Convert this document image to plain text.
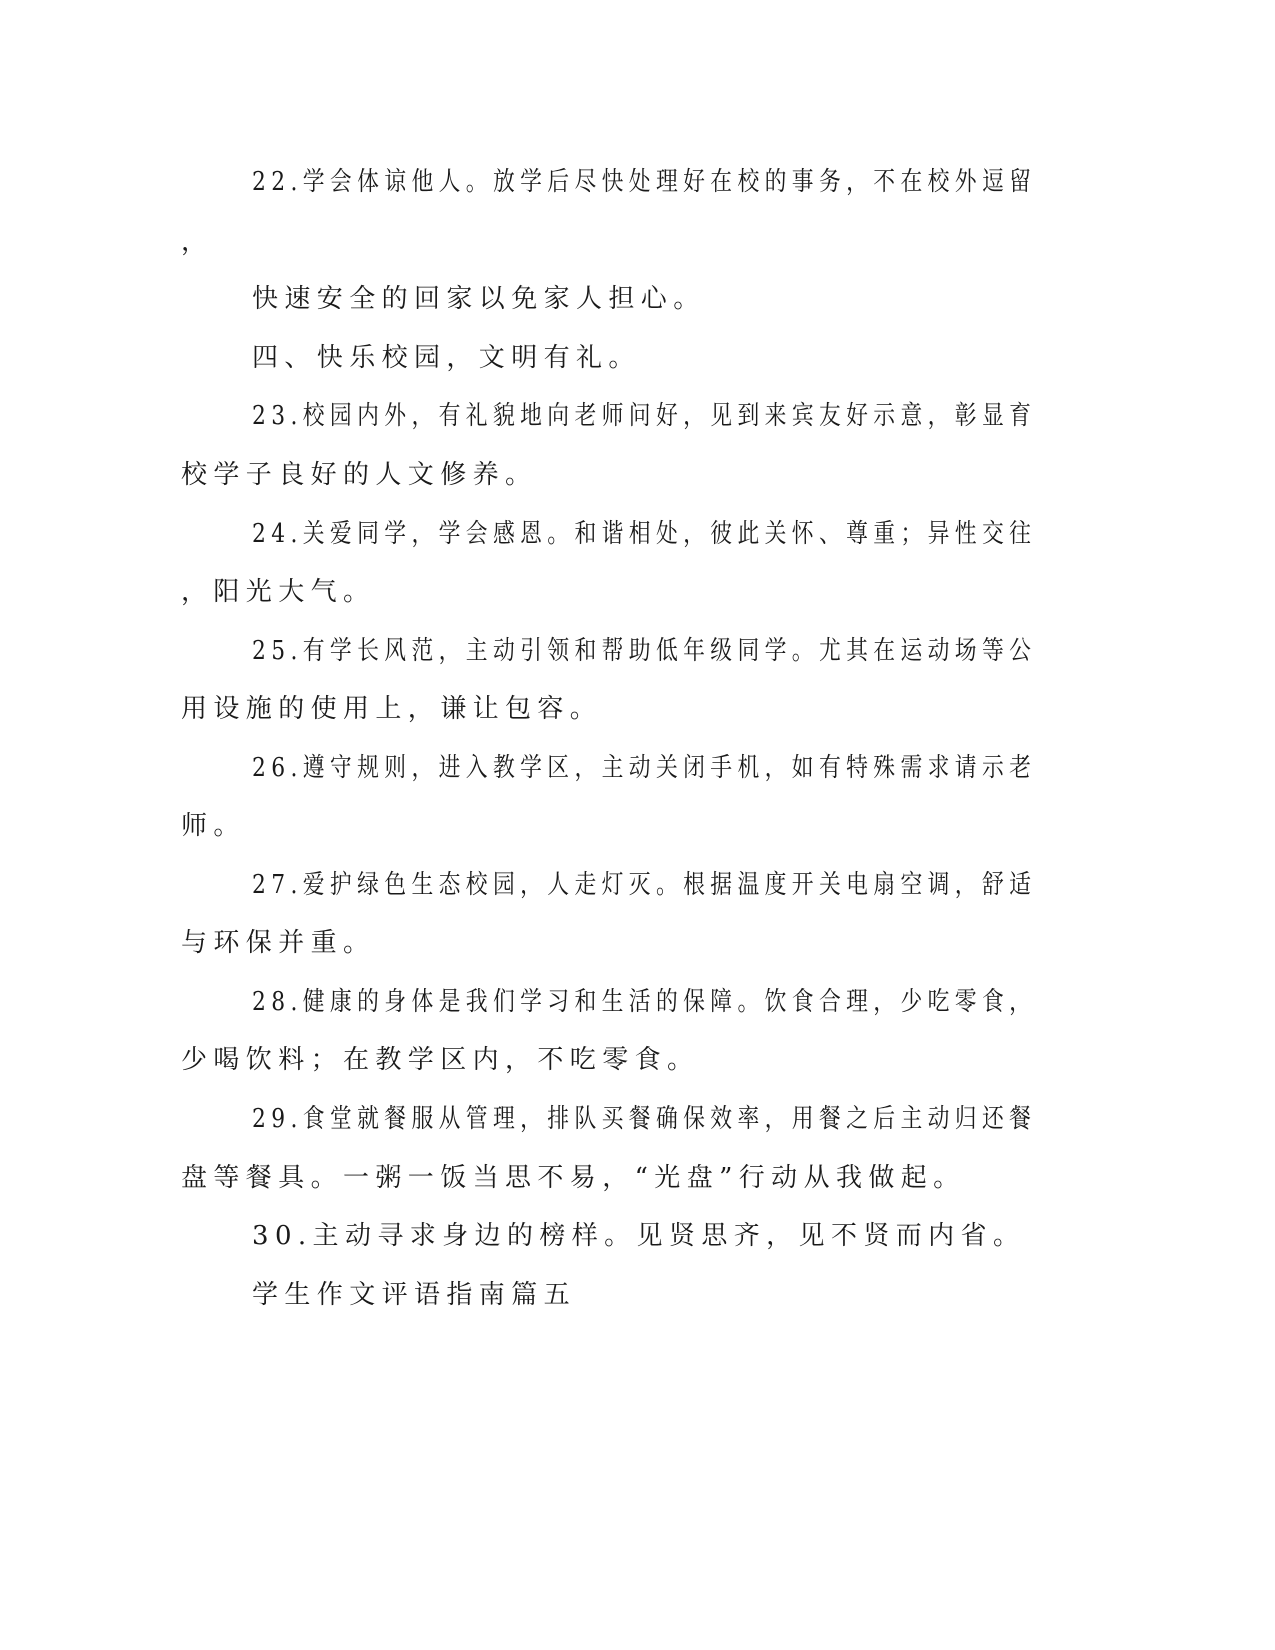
22.学会体谅他人。放学后尽快处理好在校的事务，不在校外逗留
，
快速安全的回家以免家人担心。
四、快乐校园，文明有礼。
23.校园内外，有礼貌地向老师问好，见到来宾友好示意，彰显育
校学子良好的人文修养。
24.关爱同学，学会感恩。和谐相处，彼此关怀、尊重；异性交往
，阳光大气。
25.有学长风范，主动引领和帮助低年级同学。尤其在运动场等公
用设施的使用上，谦让包容。
26.遵守规则，进入教学区，主动关闭手机，如有特殊需求请示老
师。
27.爱护绿色生态校园，人走灯灭。根据温度开关电扇空调，舒适
与环保并重。
28.健康的身体是我们学习和生活的保障。饮食合理，少吃零食，
少喝饮料；在教学区内，不吃零食。
29.食堂就餐服从管理，排队买餐确保效率，用餐之后主动归还餐
盘等餐具。一粥一饭当思不易，“光盘”行动从我做起。
30.主动寻求身边的榜样。见贤思齐，见不贤而内省。
学生作文评语指南篇五
